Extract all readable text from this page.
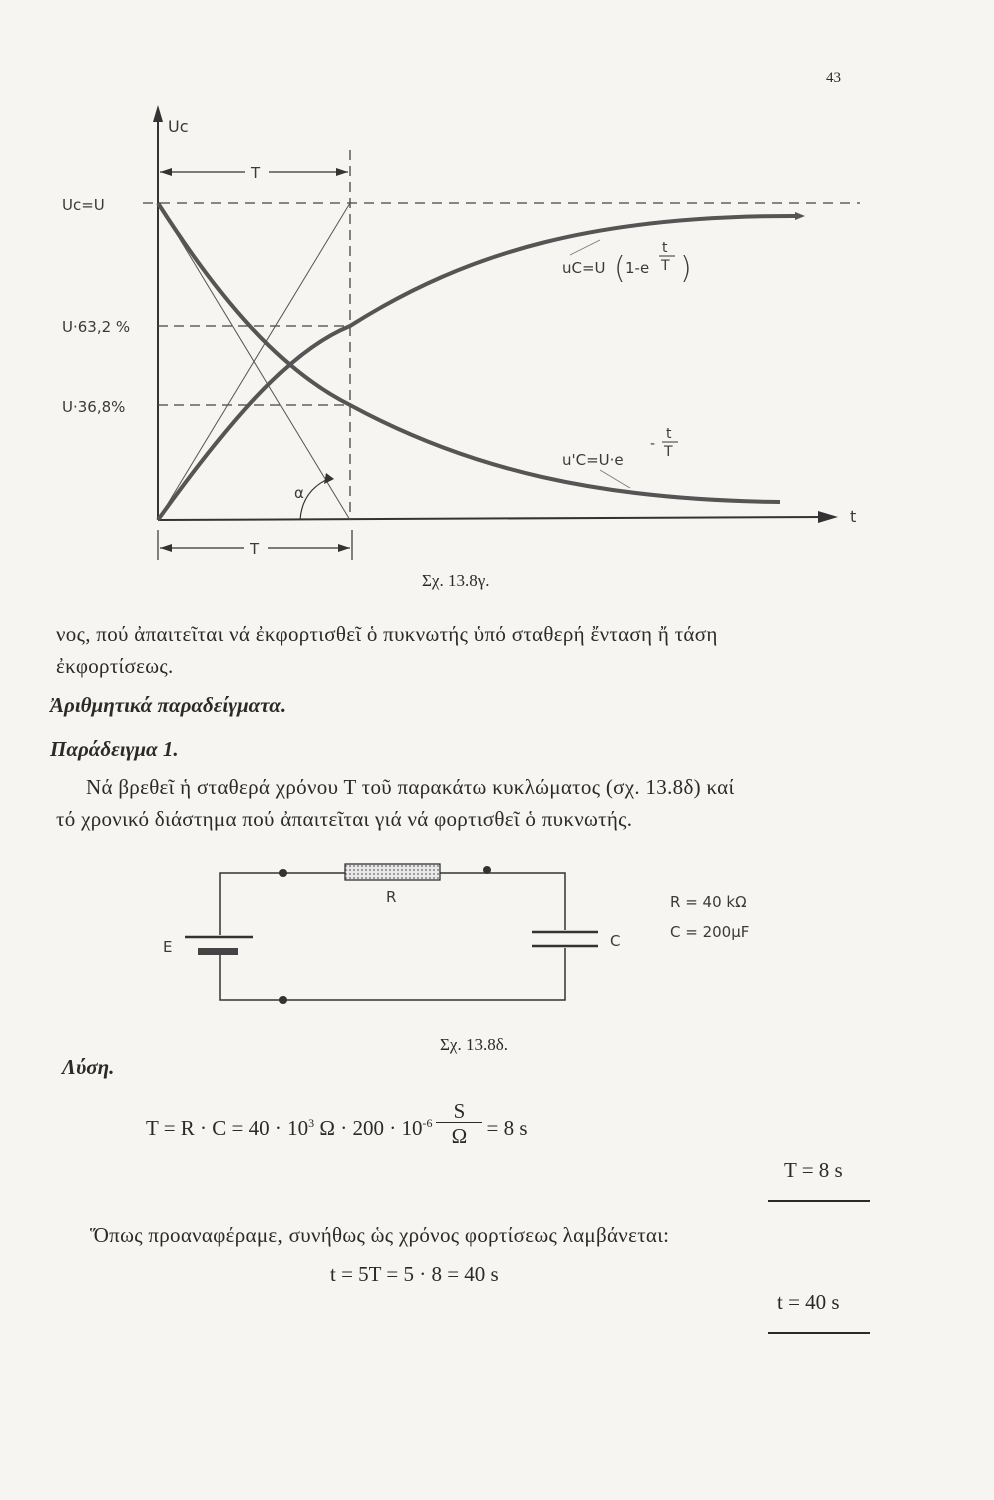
43
Uc
t
Uc=U
U·63,2 %
U·36,8%
T
T
α
uC=U ( 1-e
t
T )
u'C=U·e
-
t
T
Σχ. 13.8γ.
νος, πού ἀπαιτεῖται νά ἐκφορτισθεῖ ὁ πυκνωτής ὑπό σταθερή ἔνταση ἤ τάση
ἐκφορτίσεως.
Ἀριθμητικά παραδείγματα.
Παράδειγμα 1.
Νά βρεθεῖ ἡ σταθερά χρόνου Τ τοῦ παρακάτω κυκλώματος (σχ. 13.8δ) καί
τό χρονικό διάστημα πού ἀπαιτεῖται γιά νά φορτισθεῖ ὁ πυκνωτής.
R
E	C
R = 40 kΩ
C = 200μF
Σχ. 13.8δ.
Λύση.
$T = R \cdot C = 40 \cdot 10^3$ $\Omega \cdot 200 \cdot 10^{-6} \frac{S}{\Omega} = 8$ s
T = 8 s
Ὅπως προαναφέραμε, συνήθως ὡς χρόνος φορτίσεως λαμβάνεται:
t = 5T = 5 · 8 = 40 s
t = 40 s
